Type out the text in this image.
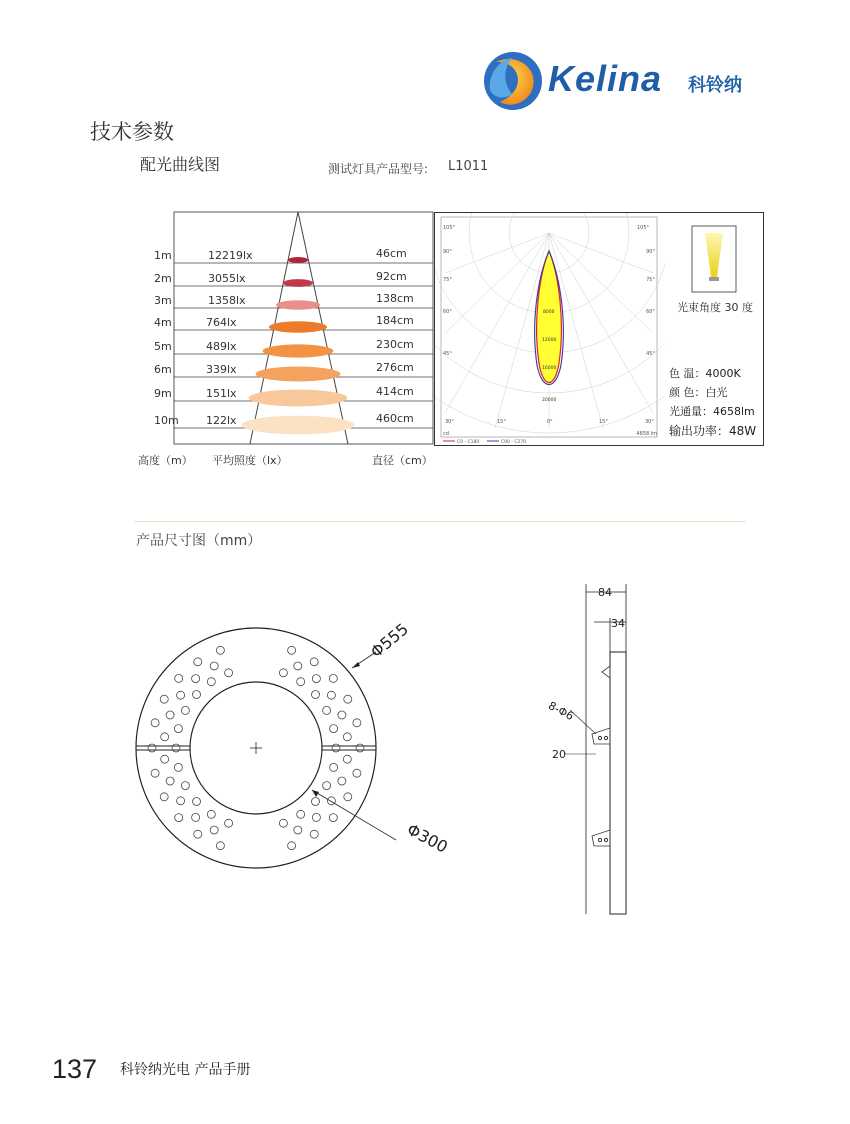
Kelina 科铃纳
技术参数
配光曲线图	测试灯具产品型号: L1011
1m	12219lx	46cm
2m	3055lx	92cm
3m	1358lx	138cm
4m	764lx	184cm
5m	489lx	230cm
6m	339lx	276cm
9m	151lx	414cm
10m 122lx	460cm
高度（m） 平均照度（lx）	直径（cm）
105°
90°
75°
60°
45°
105°
90°
75°
60°
45°
30°	15°	0°	15°	30°
8000
12000
16000
20000
cd	4658 lm
C0 - C180	C90 - C270
光束角度 30 度
色 温：4000K
颜 色：白光
光通量：4658lm
输出功率：48W
产品尺寸图（mm）
Φ555
Φ300
84
34
8-Φ6
20
137 科铃纳光电 产品手册
